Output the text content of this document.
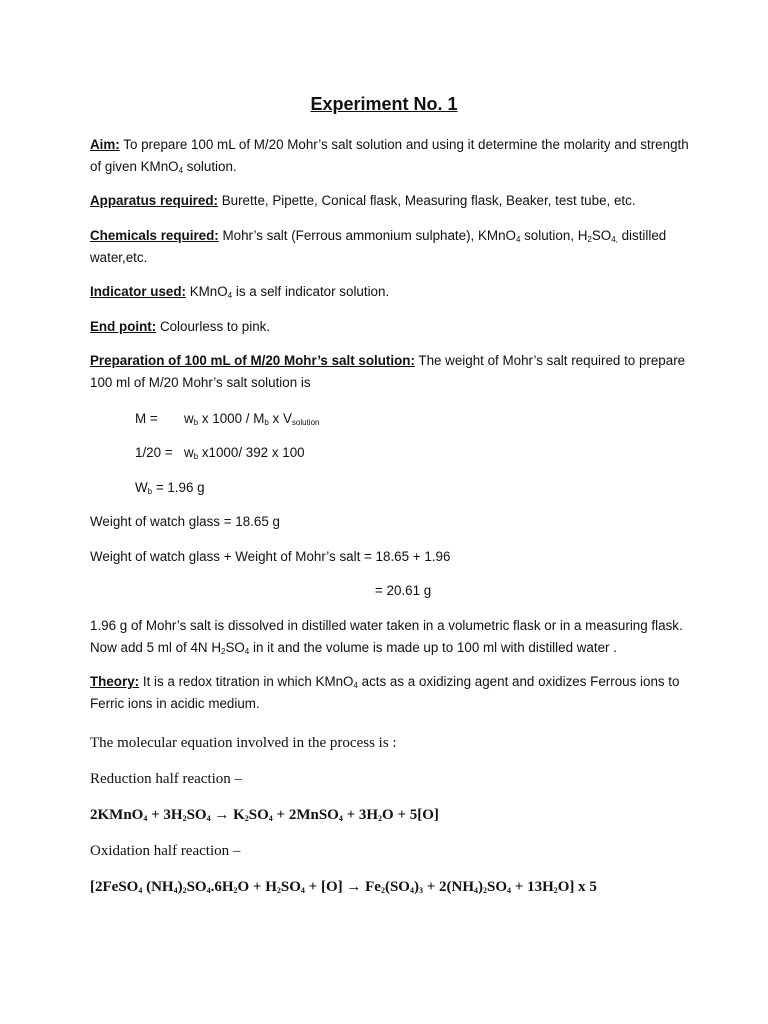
Experiment No. 1
Aim: To prepare 100 mL of M/20 Mohr’s salt solution and using it determine the molarity and strength of given KMnO$_4$ solution.
Apparatus required: Burette, Pipette, Conical flask, Measuring flask, Beaker, test tube, etc.
Chemicals required: Mohr’s salt (Ferrous ammonium sulphate), KMnO$_4$ solution, $H_2SO_{4,}$ distilled water,etc.
Indicator used: KMnO$_4$ is a self indicator solution.
End point: Colourless to pink.
Preparation of 100 mL of M/20 Mohr’s salt solution: The weight of Mohr’s salt required to prepare 100 ml of M/20 Mohr’s salt solution is
$M = w_b$ x $1000 / M_b$ x $V_{solution}$
$1/20 = w_b$ x1000/ 392 x 100
$W_b = 1.96$ g
Weight of watch glass = 18.65 g
Weight of watch glass + Weight of Mohr’s salt = 18.65 + 1.96
= 20.61 g
1.96 g of Mohr’s salt is dissolved in distilled water taken in a volumetric flask or in a measuring flask. Now add 5 ml of 4N $H_2SO_4$ in it and the volume is made up to 100 ml with distilled water .
Theory: It is a redox titration in which KMnO$_4$ acts as a oxidizing agent and oxidizes Ferrous ions to Ferric ions in acidic medium.
The molecular equation involved in the process is :
Reduction half reaction –
2KMnO$_4$ + $3H_2SO_4 \to K_2SO_4$ + 2MnSO$_4$ + $3H_2O + 5[O]$
Oxidation half reaction –
[2FeSO$_4$ $(NH_4)_2SO_4.6H_2O + H_2SO_4 + [O] \to Fe_2(SO_4)_3 + 2(NH_4)_2SO_4 + 13H_2O$] x 5
